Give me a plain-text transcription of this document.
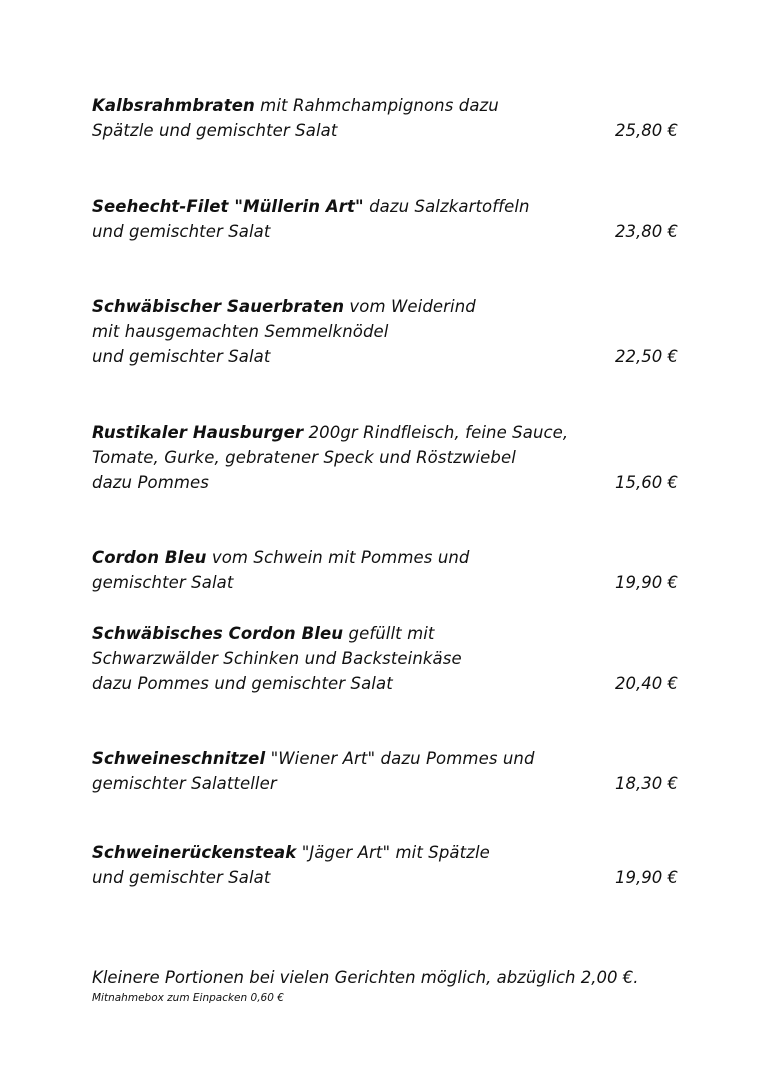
Kalbsrahmbraten mit Rahmchampignons dazu
Spätzle und gemischter Salat	25,80 €
Seehecht-Filet "Müllerin Art" dazu Salzkartoffeln
und gemischter Salat	23,80 €
Schwäbischer Sauerbraten vom Weiderind
mit hausgemachten Semmelknödel
und gemischter Salat	22,50 €
Rustikaler Hausburger 200gr Rindfleisch, feine Sauce,
Tomate, Gurke, gebratener Speck und Röstzwiebel
dazu Pommes	15,60 €
Cordon Bleu vom Schwein mit Pommes und
gemischter Salat	19,90 €
Schwäbisches Cordon Bleu gefüllt mit
Schwarzwälder Schinken und Backsteinkäse
dazu Pommes und gemischter Salat	20,40 €
Schweineschnitzel "Wiener Art" dazu Pommes und
gemischter Salatteller	18,30 €
Schweinerückensteak "Jäger Art" mit Spätzle
und gemischter Salat	19,90 €
Kleinere Portionen bei vielen Gerichten möglich, abzüglich 2,00 €.
Mitnahmebox zum Einpacken 0,60 €
